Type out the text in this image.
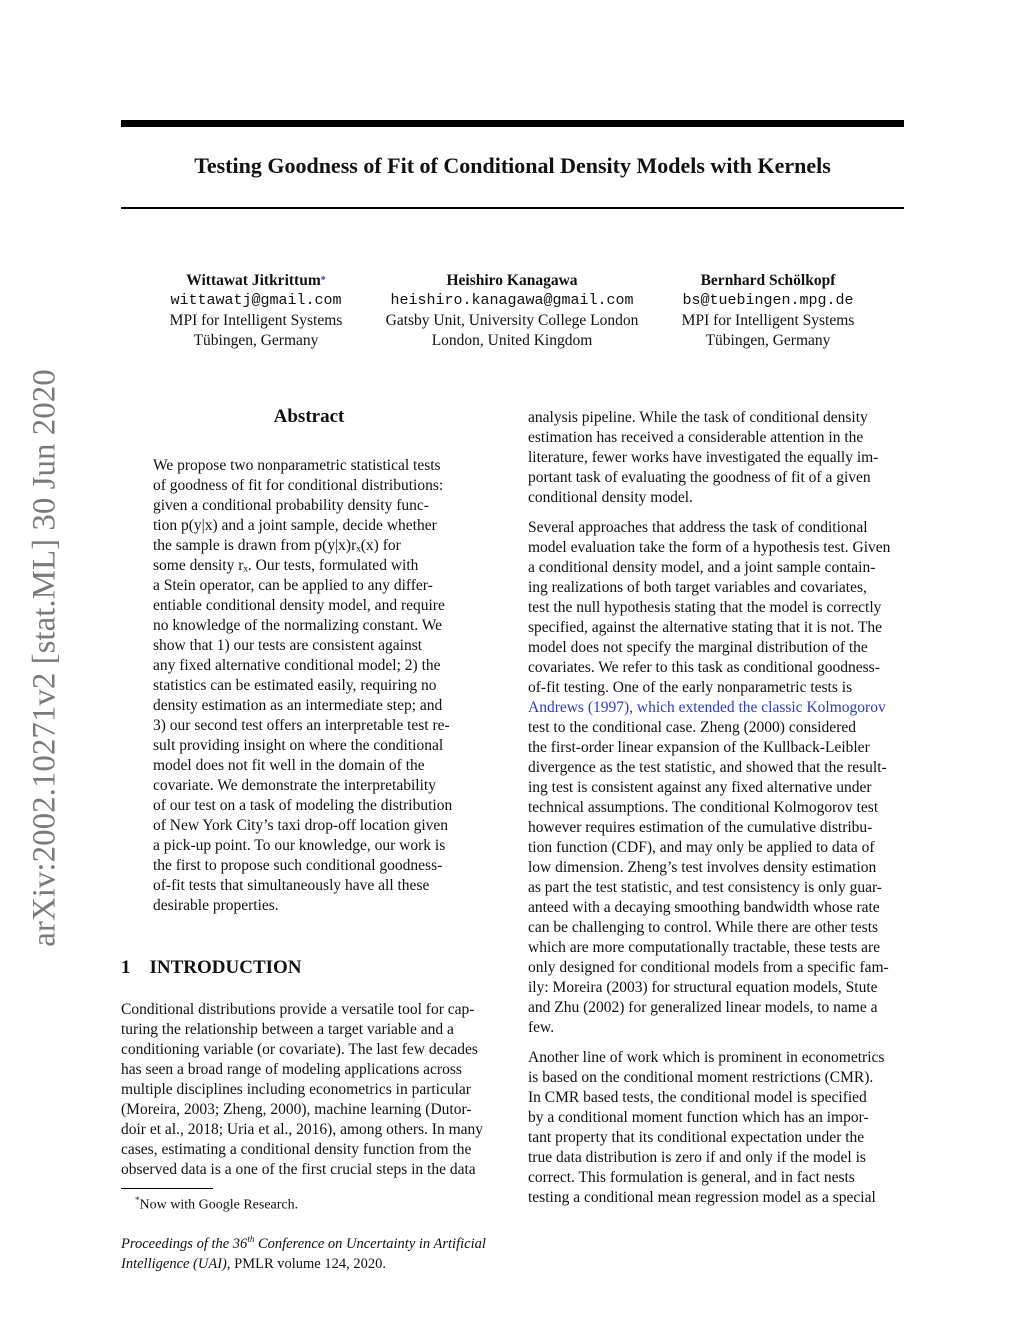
Testing Goodness of Fit of Conditional Density Models with Kernels
arXiv:2002.10271v2 [stat.ML] 30 Jun 2020
Wittawat Jitkrittum*
wittawatj@gmail.com
MPI for Intelligent Systems
Tübingen, Germany
Heishiro Kanagawa
heishiro.kanagawa@gmail.com
Gatsby Unit, University College London
London, United Kingdom
Bernhard Schölkopf
bs@tuebingen.mpg.de
MPI for Intelligent Systems
Tübingen, Germany
Abstract
We propose two nonparametric statistical tests
of goodness of fit for conditional distributions:
given a conditional probability density func-
tion p(y|x) and a joint sample, decide whether
the sample is drawn from p(y|x)rₓ(x) for
some density rₓ. Our tests, formulated with
a Stein operator, can be applied to any differ-
entiable conditional density model, and require
no knowledge of the normalizing constant. We
show that 1) our tests are consistent against
any fixed alternative conditional model; 2) the
statistics can be estimated easily, requiring no
density estimation as an intermediate step; and
3) our second test offers an interpretable test re-
sult providing insight on where the conditional
model does not fit well in the domain of the
covariate. We demonstrate the interpretability
of our test on a task of modeling the distribution
of New York City’s taxi drop-off location given
a pick-up point. To our knowledge, our work is
the first to propose such conditional goodness-
of-fit tests that simultaneously have all these
desirable properties.
1 INTRODUCTION
Conditional distributions provide a versatile tool for cap-
turing the relationship between a target variable and a
conditioning variable (or covariate). The last few decades
has seen a broad range of modeling applications across
multiple disciplines including econometrics in particular
(Moreira, 2003; Zheng, 2000), machine learning (Dutor-
doir et al., 2018; Uria et al., 2016), among others. In many
cases, estimating a conditional density function from the
observed data is a one of the first crucial steps in the data
*Now with Google Research.
Proceedings of the 36th Conference on Uncertainty in Artificial
Intelligence (UAI), PMLR volume 124, 2020.
analysis pipeline. While the task of conditional density
estimation has received a considerable attention in the
literature, fewer works have investigated the equally im-
portant task of evaluating the goodness of fit of a given
conditional density model.
Several approaches that address the task of conditional
model evaluation take the form of a hypothesis test. Given
a conditional density model, and a joint sample contain-
ing realizations of both target variables and covariates,
test the null hypothesis stating that the model is correctly
specified, against the alternative stating that it is not. The
model does not specify the marginal distribution of the
covariates. We refer to this task as conditional goodness-
of-fit testing. One of the early nonparametric tests is
Andrews (1997), which extended the classic Kolmogorov
test to the conditional case. Zheng (2000) considered
the first-order linear expansion of the Kullback-Leibler
divergence as the test statistic, and showed that the result-
ing test is consistent against any fixed alternative under
technical assumptions. The conditional Kolmogorov test
however requires estimation of the cumulative distribu-
tion function (CDF), and may only be applied to data of
low dimension. Zheng’s test involves density estimation
as part the test statistic, and test consistency is only guar-
anteed with a decaying smoothing bandwidth whose rate
can be challenging to control. While there are other tests
which are more computationally tractable, these tests are
only designed for conditional models from a specific fam-
ily: Moreira (2003) for structural equation models, Stute
and Zhu (2002) for generalized linear models, to name a
few.
Another line of work which is prominent in econometrics
is based on the conditional moment restrictions (CMR).
In CMR based tests, the conditional model is specified
by a conditional moment function which has an impor-
tant property that its conditional expectation under the
true data distribution is zero if and only if the model is
correct. This formulation is general, and in fact nests
testing a conditional mean regression model as a special
